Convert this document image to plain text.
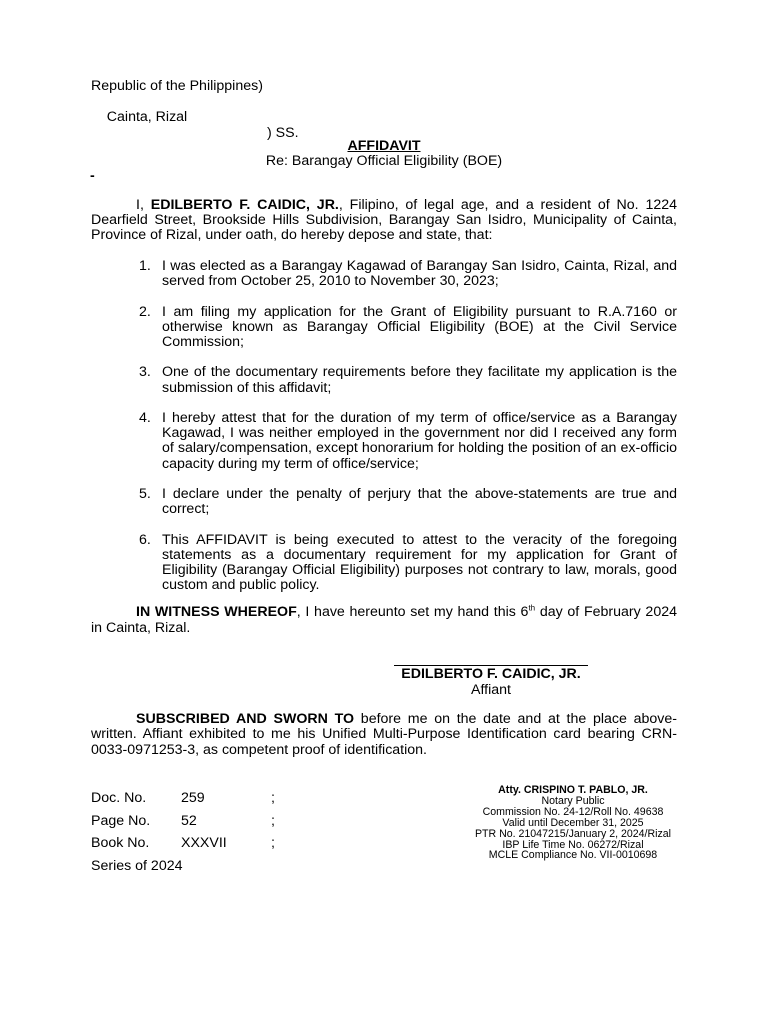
Republic of the Philippines)

Cainta, Rizal

) SS.

AFFIDAVIT
Re: Barangay Official Eligibility (BOE)
-
I, EDILBERTO F. CAIDIC, JR., Filipino, of legal age, and a resident of No. 1224 Dearfield Street, Brookside Hills Subdivision, Barangay San Isidro, Municipality of Cainta, Province of Rizal, under oath, do hereby depose and state, that:
1. I was elected as a Barangay Kagawad of Barangay San Isidro, Cainta, Rizal, and served from October 25, 2010 to November 30, 2023;
2. I am filing my application for the Grant of Eligibility pursuant to R.A.7160 or otherwise known as Barangay Official Eligibility (BOE) at the Civil Service Commission;
3. One of the documentary requirements before they facilitate my application is the submission of this affidavit;
4. I hereby attest that for the duration of my term of office/service as a Barangay Kagawad, I was neither employed in the government nor did I received any form of salary/compensation, except honorarium for holding the position of an ex-officio capacity during my term of office/service;
5. I declare under the penalty of perjury that the above-statements are true and correct;
6. This AFFIDAVIT is being executed to attest to the veracity of the foregoing statements as a documentary requirement for my application for Grant of Eligibility (Barangay Official Eligibility) purposes not contrary to law, morals, good custom and public policy.
IN WITNESS WHEREOF, I have hereunto set my hand this 6th day of February 2024 in Cainta, Rizal.
EDILBERTO F. CAIDIC, JR.
Affiant
SUBSCRIBED AND SWORN TO before me on the date and at the place above-written. Affiant exhibited to me his Unified Multi-Purpose Identification card bearing CRN-0033-0971253-3, as competent proof of identification.
Doc. No. 259	;
Page No. 52	;
Book No. XXXVII	;
Series of 2024
Atty. CRISPINO T. PABLO, JR.
Notary Public
Commission No. 24-12/Roll No. 49638
Valid until December 31, 2025
PTR No. 21047215/January 2, 2024/Rizal
IBP Life Time No. 06272/Rizal
MCLE Compliance No. VII-0010698
